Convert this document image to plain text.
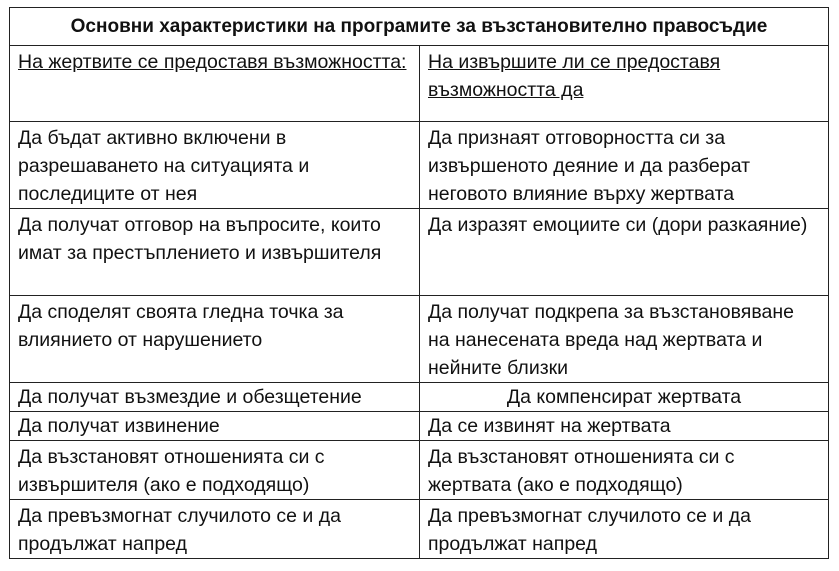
Основни характеристики на програмите за възстановително правосъдие	
На жертвите се предоставя възможността:	На извършите ли се предоставя възможността да
Да бъдат активно включени в разрешаването на ситуацията и последиците от нея	Да признаят отговорността си за извършеното деяние и да разберат неговото влияние върху жертвата
Да получат отговор на въпросите, които имат за престъплението и извършителя	Да изразят емоциите си (дори разкаяние)
Да споделят своята гледна точка за влиянието от нарушението	Да получат подкрепа за възстановяване на нанесената вреда над жертвата и нейните близки
Да получат възмездие и обезщетение	Да компенсират жертвата
Да получат извинение	Да се извинят на жертвата
Да възстановят отношенията си с извършителя (ако е подходящо)	Да възстановят отношенията си с жертвата (ако е подходящо)
Да превъзмогнат случилото се и да продължат напред	Да превъзмогнат случилото се и да продължат напред
